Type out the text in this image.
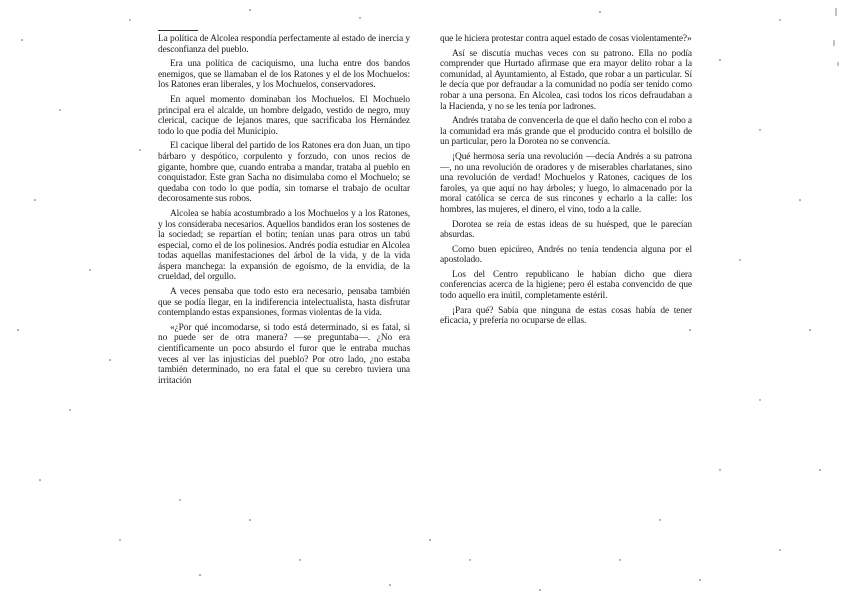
La política de Alcolea respondía perfectamente al estado de inercia y desconfianza del pueblo.

Era una política de caciquismo, una lucha entre dos bandos enemigos, que se llamaban el de los Ratones y el de los Mochuelos: los Ratones eran liberales, y los Mochuelos, conservadores.

En aquel momento dominaban los Mochuelos. El Mochuelo principal era el alcalde, un hombre delgado, vestido de negro, muy clerical, cacique de lejanos mares, que sacrificaba los Hernández todo lo que podía del Municipio.

El cacique liberal del partido de los Ratones era don Juan, un tipo bárbaro y despótico, corpulento y forzudo, con unos recios de gigante, hombre que, cuando entraba a mandar, trataba al pueblo en conquistador. Este gran Sacha no disimulaba como el Mochuelo; se quedaba con todo lo que podía, sin tomarse el trabajo de ocultar decorosamente sus robos.

Alcolea se había acostumbrado a los Mochuelos y a los Ratones, y los consideraba necesarios. Aquellos bandidos eran los sostenes de la sociedad; se repartían el botín; tenían unas para otros un tabú especial, como el de los polinesios. Andrés podía estudiar en Alcolea todas aquellas manifestaciones del árbol de la vida, y de la vida áspera manchega: la expansión de egoísmo, de la envidia, de la crueldad, del orgullo.

A veces pensaba que todo esto era necesario, pensaba también que se podía llegar, en la indiferencia intelectualista, hasta disfrutar contemplando estas expansiones, formas violentas de la vida.

«¿Por qué incomodarse, si todo está determinado, si es fatal, si no puede ser de otra manera? —se preguntaba—. ¿No era científicamente un poco absurdo el furor que le entraba muchas veces al ver las injusticias del pueblo? Por otro lado, ¿no estaba también determinado, no era fatal el que su cerebro tuviera una irritación

que le hiciera protestar contra aquel estado de cosas violentamente?»

Así se discutía muchas veces con su patrono. Ella no podía comprender que Hurtado afirmase que era mayor delito robar a la comunidad, al Ayuntamiento, al Estado, que robar a un particular. Sí le decía que por defraudar a la comunidad no podía ser tenido como robar a una persona. En Alcolea, casi todos los ricos defraudaban a la Hacienda, y no se les tenía por ladrones.

Andrés trataba de convencerla de que el daño hecho con el robo a la comunidad era más grande que el producido contra el bolsillo de un particular, pero la Dorotea no se convencía.

¡Qué hermosa sería una revolución —decía Andrés a su patrona—, no una revolución de oradores y de miserables charlatanes, sino una revolución de verdad! Mochuelos y Ratones, caciques de los faroles, ya que aquí no hay árboles; y luego, lo almacenado por la moral católica se cerca de sus rincones y echarlo a la calle: los hombres, las mujeres, el dinero, el vino, todo a la calle.

Dorotea se reía de estas ideas de su huésped, que le parecían absurdas.

Como buen epicúreo, Andrés no tenía tendencia alguna por el apostolado.

Los del Centro republicano le habían dicho que diera conferencias acerca de la higiene; pero él estaba convencido de que todo aquello era inútil, completamente estéril.

¡Para qué? Sabía que ninguna de estas cosas había de tener eficacia, y prefería no ocuparse de ellas.
